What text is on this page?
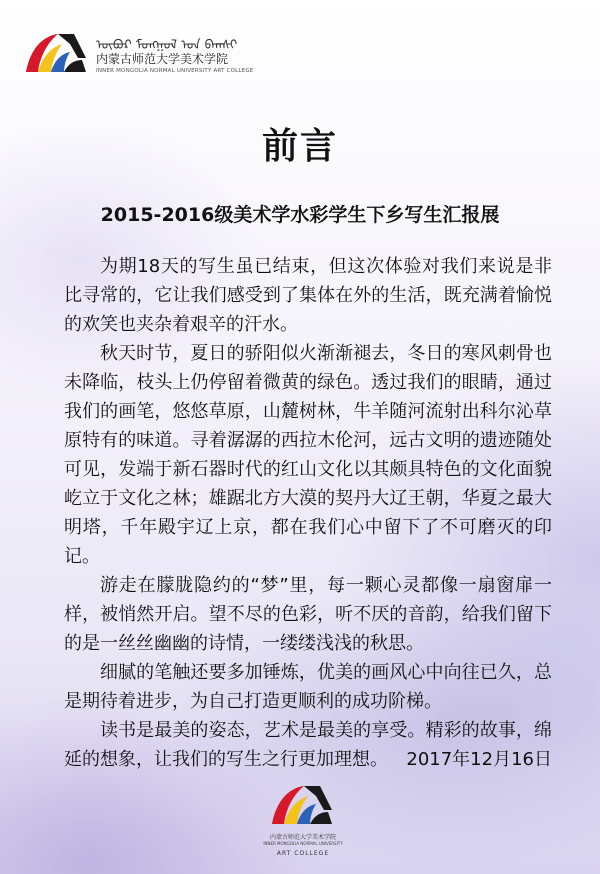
ᠥᠪᠦᠷ ᠮᠣᠩᠭᠣᠯ ᠤᠨ ᠪᠠᠭᠰᠢ
内蒙古师范大学美术学院
INNER MONGOLIA NORMAL UNIVERSITY ART COLLEGE
前言
2015-2016级美术学水彩学生下乡写生汇报展

为期18天的写生虽已结束，但这次体验对我们来说是非比寻常的，它让我们感受到了集体在外的生活，既充满着愉悦的欢笑也夹杂着艰辛的汗水。

秋天时节，夏日的骄阳似火渐渐褪去，冬日的寒风刺骨也未降临，枝头上仍停留着微黄的绿色。透过我们的眼睛，通过我们的画笔，悠悠草原，山麓树林，牛羊随河流射出科尔沁草原特有的味道。寻着潺潺的西拉木伦河，远古文明的遗迹随处可见，发端于新石器时代的红山文化以其颇具特色的文化面貌屹立于文化之林；雄踞北方大漠的契丹大辽王朝，华夏之最大明塔，千年殿宇辽上京，都在我们心中留下了不可磨灭的印记。

游走在朦胧隐约的“梦”里，每一颗心灵都像一扇窗扉一样，被悄然开启。望不尽的色彩，听不厌的音韵，给我们留下的是一丝丝幽幽的诗情，一缕缕浅浅的秋思。

细腻的笔触还要多加锤炼，优美的画风心中向往已久，总是期待着进步，为自己打造更顺利的成功阶梯。

读书是最美的姿态，艺术是最美的享受。精彩的故事，绵延的想象，让我们的写生之行更加理想。	2017年12月16日
内蒙古师范大学美术学院
INNER MONGOLIA NORMAL UNIVERSITY
ART COLLEGE
